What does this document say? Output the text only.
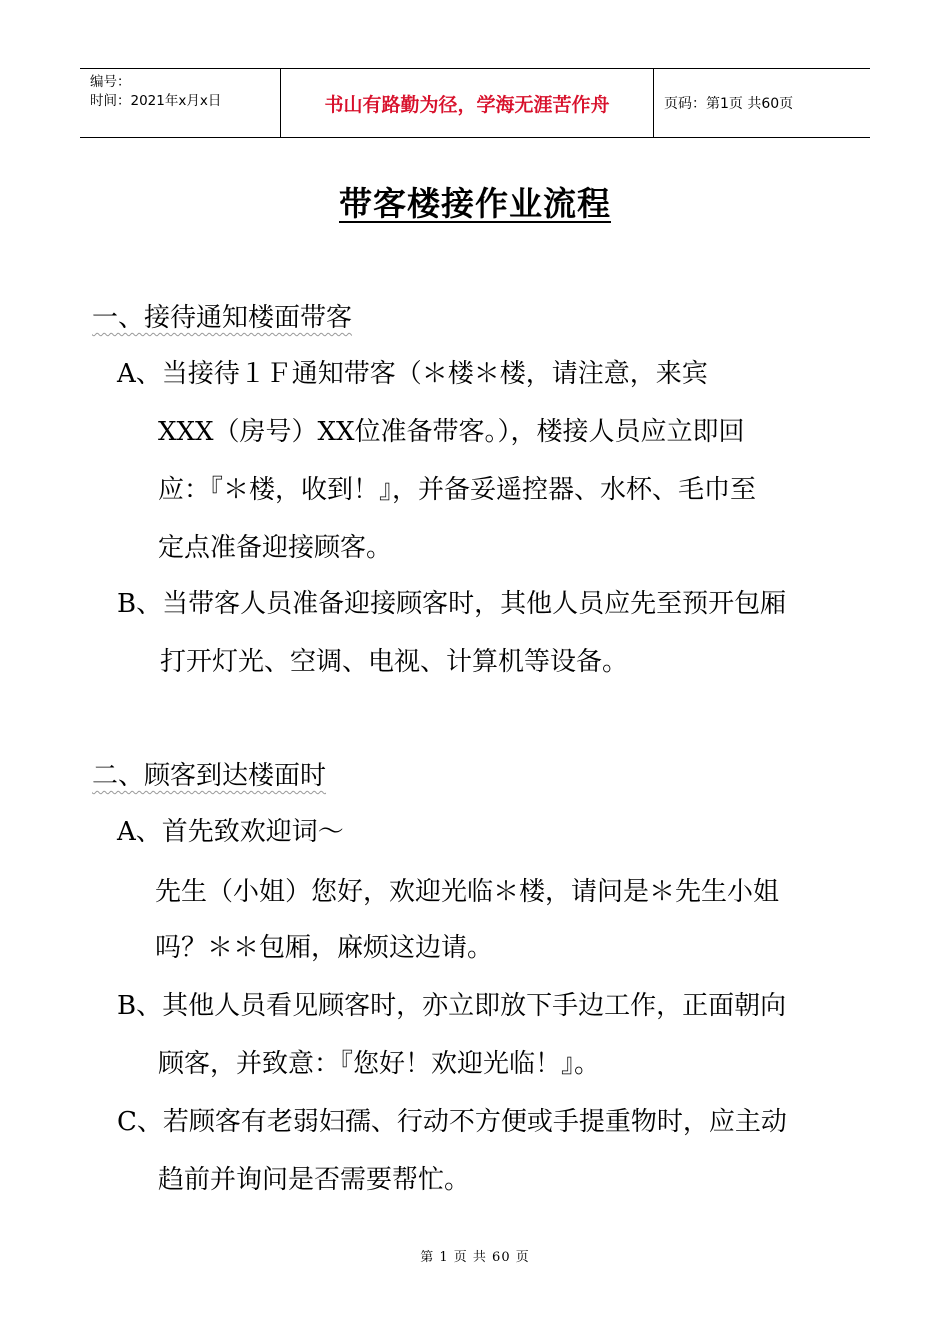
编号：
时间：2021年x月x日	书山有路勤为径，学海无涯苦作舟	页码：第1页 共60页
带客楼接作业流程
一、接待通知楼面带客
A、当接待１Ｆ通知带客（＊楼＊楼，请注意，来宾
XXX（房号）XX位准备带客。），楼接人员应立即回
应：『＊楼，收到！』，并备妥遥控器、水杯、毛巾至
定点准备迎接顾客。
B、当带客人员准备迎接顾客时，其他人员应先至预开包厢
打开灯光、空调、电视、计算机等设备。
二、顾客到达楼面时
A、首先致欢迎词～
先生（小姐）您好，欢迎光临＊楼，请问是＊先生小姐
吗？＊＊包厢，麻烦这边请。
B、其他人员看见顾客时，亦立即放下手边工作，正面朝向
顾客，并致意：『您好！欢迎光临！』。
C、若顾客有老弱妇孺、行动不方便或手提重物时，应主动
趋前并询问是否需要帮忙。
第 1 页 共 60 页
